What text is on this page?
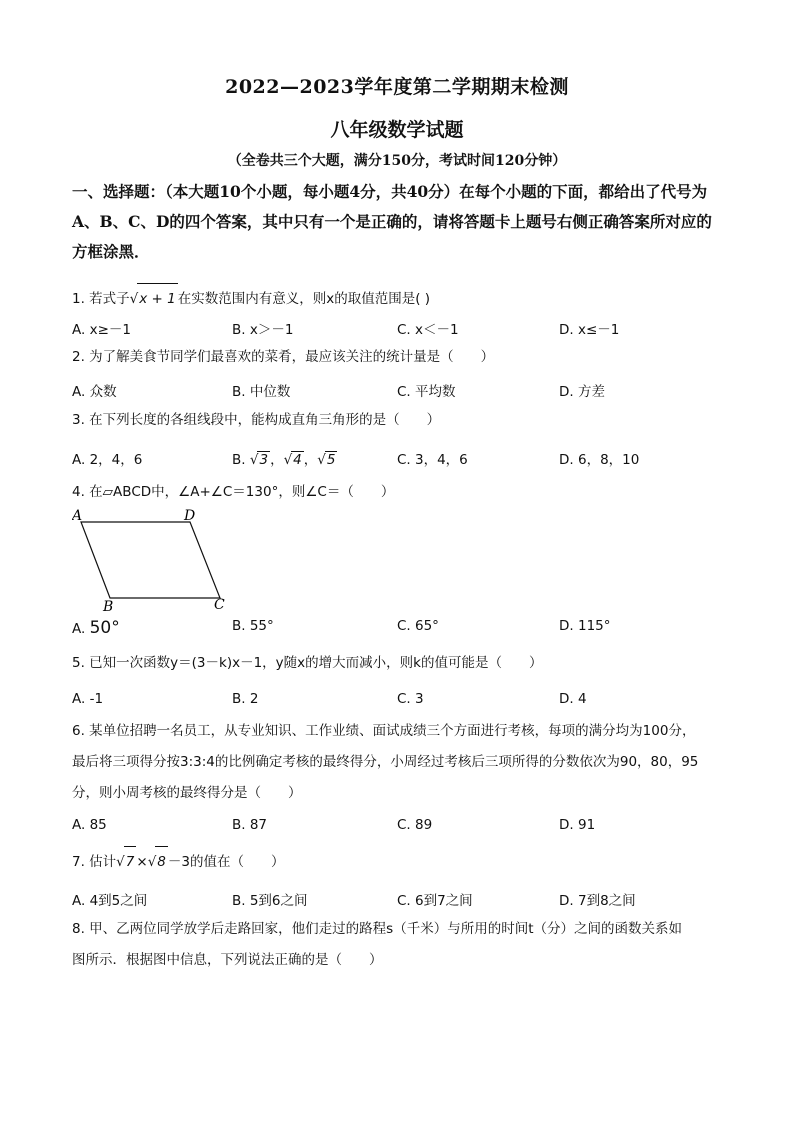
2022—2023学年度第二学期期末检测
八年级数学试题
（全卷共三个大题，满分150分，考试时间120分钟）
一、选择题：（本大题10个小题，每小题4分，共40分）在每个小题的下面，都给出了代号为A、B、C、D的四个答案，其中只有一个是正确的，请将答题卡上题号右侧正确答案所对应的方框涂黑．
1. 若式子√x + 1 在实数范围内有意义，则x的取值范围是( )
A. x≥－1	B. x＞－1	C. x＜－1	D. x≤－1
2. 为了解美食节同学们最喜欢的菜肴，最应该关注的统计量是（　　）
A. 众数	B. 中位数	C. 平均数	D. 方差
3. 在下列长度的各组线段中，能构成直角三角形的是（　　）
A. 2，4，6	B. √3 ，√4 ，√5	C. 3，4，6	D. 6，8，10
4. 在▱ABCD中，∠A+∠C＝130°，则∠C＝（　　）
A	D
B	C
A. 50°	B. 55°	C. 65°	D. 115°
5. 已知一次函数y＝(3－k)x－1，y随x的增大而减小，则k的值可能是（　　）
A. -1	B. 2	C. 3	D. 4
6. 某单位招聘一名员工，从专业知识、工作业绩、面试成绩三个方面进行考核，每项的满分均为100分，
最后将三项得分按3:3:4的比例确定考核的最终得分，小周经过考核后三项所得的分数依次为90，80，95
分，则小周考核的最终得分是（　　）
A. 85	B. 87	C. 89	D. 91
7. 估计√7 ×√8 －3的值在（　　）
A. 4到5之间	B. 5到6之间	C. 6到7之间	D. 7到8之间
8. 甲、乙两位同学放学后走路回家，他们走过的路程s（千米）与所用的时间t（分）之间的函数关系如
图所示．根据图中信息，下列说法正确的是（　　）
